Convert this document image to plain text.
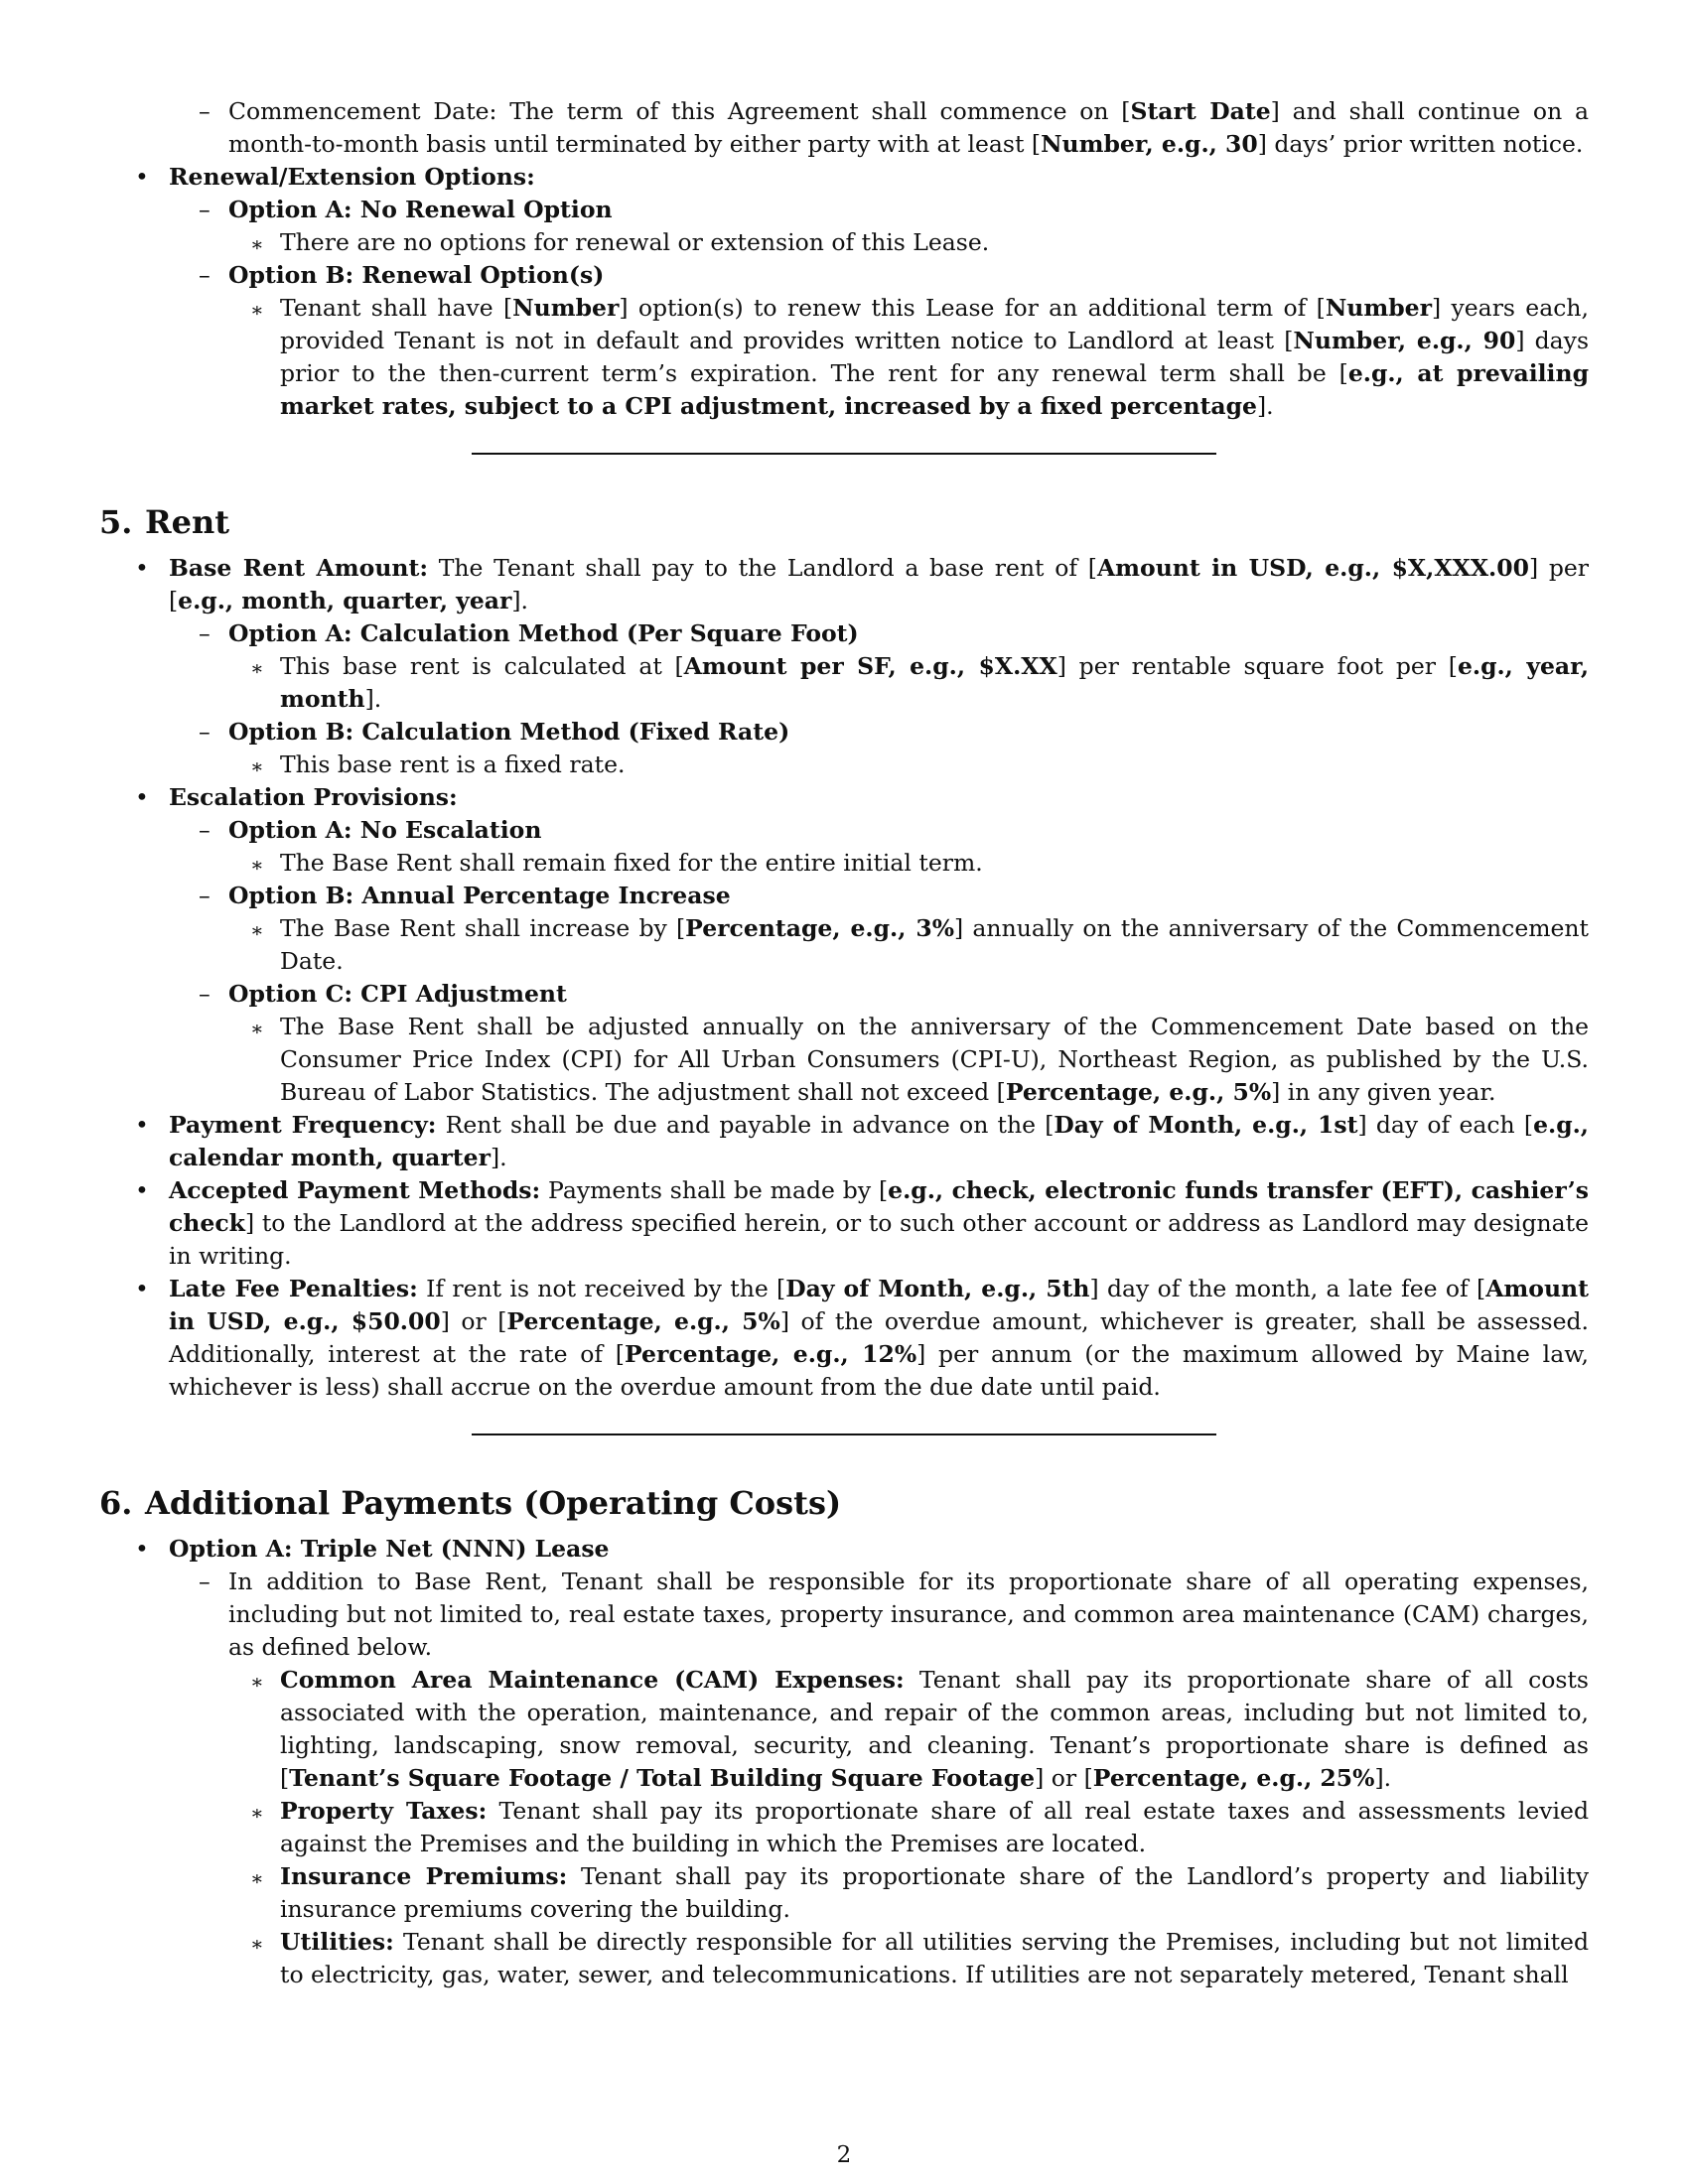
– Commencement Date: The term of this Agreement shall commence on [Start Date] and shall continue on a month-to-month basis until terminated by either party with at least [Number, e.g., 30] days’ prior written notice.

• Renewal/Extension Options:

– Option A: No Renewal Option

∗ There are no options for renewal or extension of this Lease.

– Option B: Renewal Option(s)

∗ Tenant shall have [Number] option(s) to renew this Lease for an additional term of [Number] years each, provided Tenant is not in default and provides written notice to Landlord at least [Number, e.g., 90] days prior to the then-current term’s expiration. The rent for any renewal term shall be [e.g., at prevailing market rates, subject to a CPI adjustment, increased by a fixed percentage].

5. Rent
• Base Rent Amount: The Tenant shall pay to the Landlord a base rent of [Amount in USD, e.g., $X,XXX.00] per [e.g., month, quarter, year].

– Option A: Calculation Method (Per Square Foot)

∗ This base rent is calculated at [Amount per SF, e.g., $X.XX] per rentable square foot per [e.g., year, month].

– Option B: Calculation Method (Fixed Rate)

∗ This base rent is a fixed rate.

• Escalation Provisions:

– Option A: No Escalation

∗ The Base Rent shall remain fixed for the entire initial term.

– Option B: Annual Percentage Increase

∗ The Base Rent shall increase by [Percentage, e.g., 3%] annually on the anniversary of the Commencement Date.

– Option C: CPI Adjustment

∗ The Base Rent shall be adjusted annually on the anniversary of the Commencement Date based on the Consumer Price Index (CPI) for All Urban Consumers (CPI-U), Northeast Region, as published by the U.S. Bureau of Labor Statistics. The adjustment shall not exceed [Percentage, e.g., 5%] in any given year.

• Payment Frequency: Rent shall be due and payable in advance on the [Day of Month, e.g., 1st] day of each [e.g., calendar month, quarter].

• Accepted Payment Methods: Payments shall be made by [e.g., check, electronic funds transfer (EFT), cashier’s check] to the Landlord at the address specified herein, or to such other account or address as Landlord may designate in writing.

• Late Fee Penalties: If rent is not received by the [Day of Month, e.g., 5th] day of the month, a late fee of [Amount in USD, e.g., $50.00] or [Percentage, e.g., 5%] of the overdue amount, whichever is greater, shall be assessed. Additionally, interest at the rate of [Percentage, e.g., 12%] per annum (or the maximum allowed by Maine law, whichever is less) shall accrue on the overdue amount from the due date until paid.

6. Additional Payments (Operating Costs)
• Option A: Triple Net (NNN) Lease

– In addition to Base Rent, Tenant shall be responsible for its proportionate share of all operating expenses, including but not limited to, real estate taxes, property insurance, and common area maintenance (CAM) charges, as defined below.

∗ Common Area Maintenance (CAM) Expenses: Tenant shall pay its proportionate share of all costs associated with the operation, maintenance, and repair of the common areas, including but not limited to, lighting, landscaping, snow removal, security, and cleaning. Tenant’s proportionate share is defined as [Tenant’s Square Footage / Total Building Square Footage] or [Percentage, e.g., 25%].

∗ Property Taxes: Tenant shall pay its proportionate share of all real estate taxes and assessments levied against the Premises and the building in which the Premises are located.

∗ Insurance Premiums: Tenant shall pay its proportionate share of the Landlord’s property and liability insurance premiums covering the building.

∗ Utilities: Tenant shall be directly responsible for all utilities serving the Premises, including but not limited to electricity, gas, water, sewer, and telecommunications. If utilities are not separately metered, Tenant shall

2
